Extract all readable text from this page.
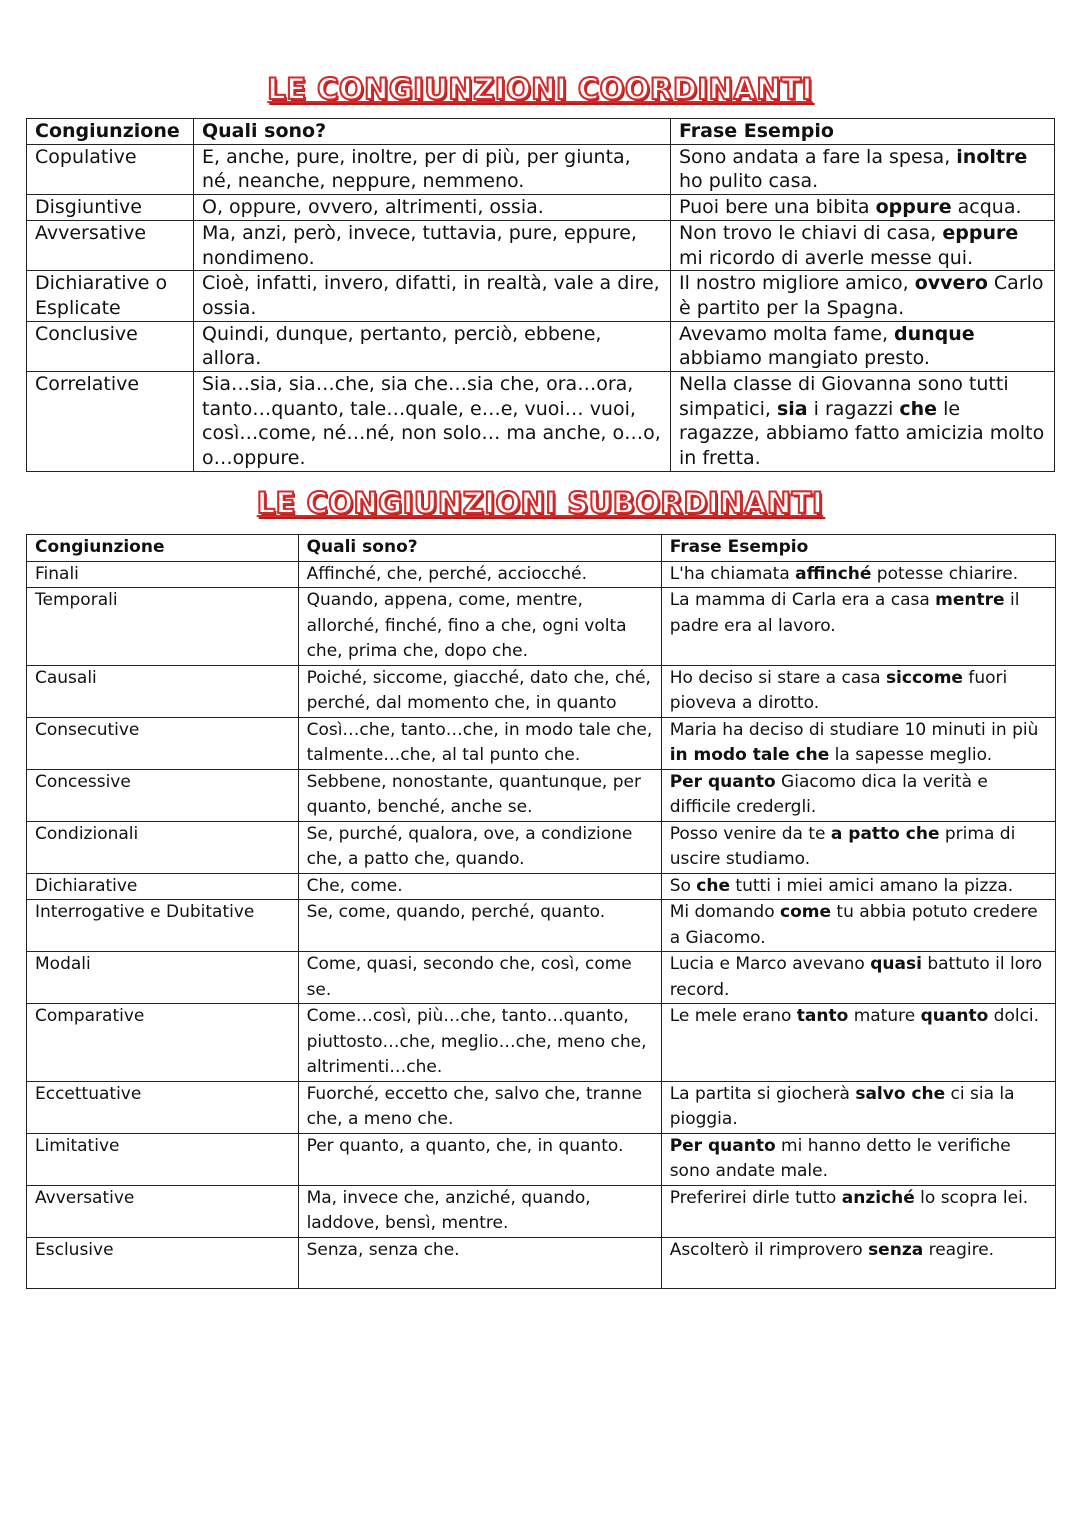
LE CONGIUNZIONI COORDINANTI
Congiunzione	Quali sono?	Frase Esempio
Copulative	E, anche, pure, inoltre, per di più, per giunta, né, neanche, neppure, nemmeno.	Sono andata a fare la spesa, inoltre ho pulito casa.
Disgiuntive	O, oppure, ovvero, altrimenti, ossia.	Puoi bere una bibita oppure acqua.
Avversative	Ma, anzi, però, invece, tuttavia, pure, eppure, nondimeno.	Non trovo le chiavi di casa, eppure mi ricordo di averle messe qui.
Dichiarative o Esplicate	Cioè, infatti, invero, difatti, in realtà, vale a dire, ossia.	Il nostro migliore amico, ovvero Carlo è partito per la Spagna.
Conclusive	Quindi, dunque, pertanto, perciò, ebbene, allora.	Avevamo molta fame, dunque abbiamo mangiato presto.
Correlative	Sia…sia, sia…che, sia che…sia che, ora…ora, tanto…quanto, tale…quale, e…e, vuoi… vuoi, così…come, né…né, non solo… ma anche, o…o, o…oppure.	Nella classe di Giovanna sono tutti simpatici, sia i ragazzi che le ragazze, abbiamo fatto amicizia molto in fretta.
LE CONGIUNZIONI SUBORDINANTI
Congiunzione	Quali sono?	Frase Esempio
Finali	Affinché, che, perché, acciocché.	L'ha chiamata affinché potesse chiarire.
Temporali	Quando, appena, come, mentre, allorché, finché, fino a che, ogni volta che, prima che, dopo che.	La mamma di Carla era a casa mentre il padre era al lavoro.
Causali	Poiché, siccome, giacché, dato che, ché, perché, dal momento che, in quanto	Ho deciso si stare a casa siccome fuori pioveva a dirotto.
Consecutive	Così…che, tanto…che, in modo tale che, talmente…che, al tal punto che.	Maria ha deciso di studiare 10 minuti in più in modo tale che la sapesse meglio.
Concessive	Sebbene, nonostante, quantunque, per quanto, benché, anche se.	Per quanto Giacomo dica la verità e difficile credergli.
Condizionali	Se, purché, qualora, ove, a condizione che, a patto che, quando.	Posso venire da te a patto che prima di uscire studiamo.
Dichiarative	Che, come.	So che tutti i miei amici amano la pizza.
Interrogative e Dubitative	Se, come, quando, perché, quanto.	Mi domando come tu abbia potuto credere a Giacomo.
Modali	Come, quasi, secondo che, così, come se.	Lucia e Marco avevano quasi battuto il loro record.
Comparative	Come…così, più…che, tanto…quanto, piuttosto…che, meglio…che, meno che, altrimenti…che.	Le mele erano tanto mature quanto dolci.
Eccettuative	Fuorché, eccetto che, salvo che, tranne che, a meno che.	La partita si giocherà salvo che ci sia la pioggia.
Limitative	Per quanto, a quanto, che, in quanto.	Per quanto mi hanno detto le verifiche sono andate male.
Avversative	Ma, invece che, anziché, quando, laddove, bensì, mentre.	Preferirei dirle tutto anziché lo scopra lei.
Esclusive	Senza, senza che.	Ascolterò il rimprovero senza reagire.
